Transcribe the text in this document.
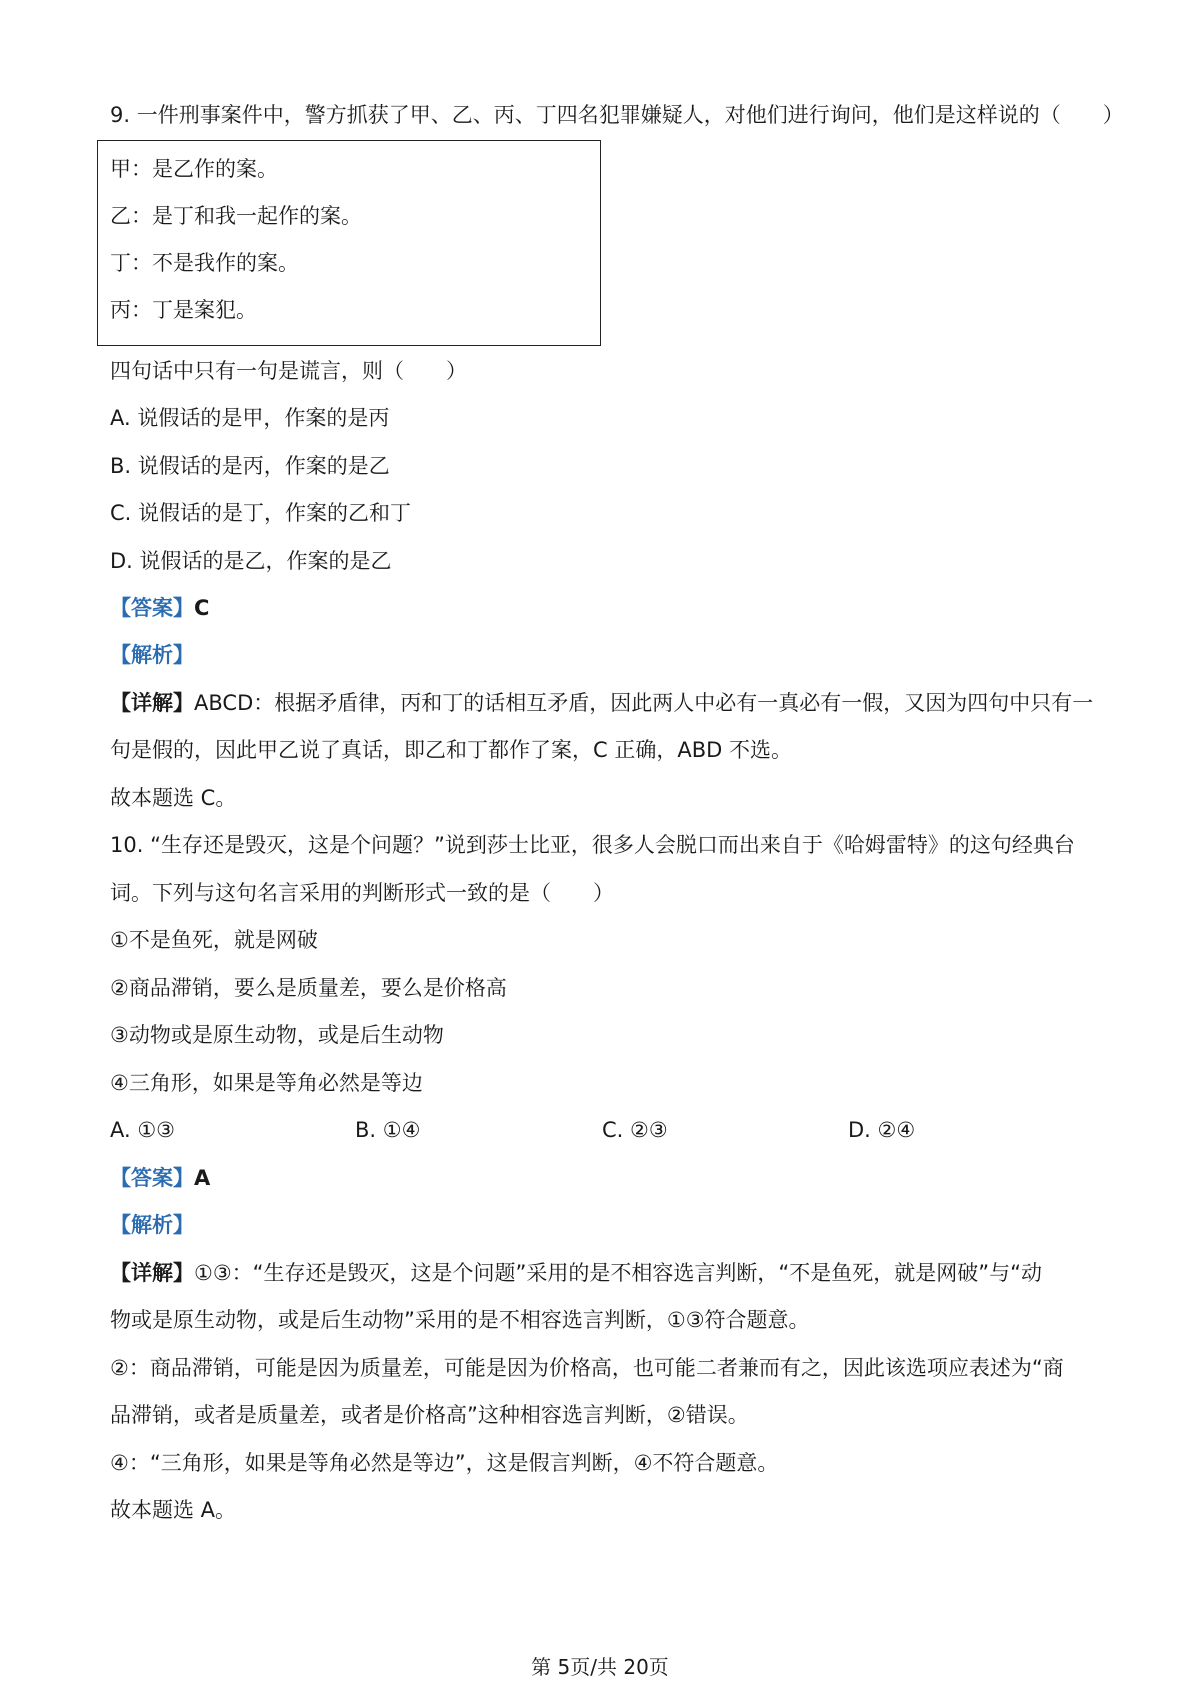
9. 一件刑事案件中，警方抓获了甲、乙、丙、丁四名犯罪嫌疑人，对他们进行询问，他们是这样说的（　　）
甲：是乙作的案。
乙：是丁和我一起作的案。
丁：不是我作的案。
丙：丁是案犯。
四句话中只有一句是谎言，则（　　）
A. 说假话的是甲，作案的是丙
B. 说假话的是丙，作案的是乙
C. 说假话的是丁，作案的乙和丁
D. 说假话的是乙，作案的是乙
【答案】C
【解析】
【详解】ABCD：根据矛盾律，丙和丁的话相互矛盾，因此两人中必有一真必有一假，又因为四句中只有一
句是假的，因此甲乙说了真话，即乙和丁都作了案，C 正确，ABD 不选。
故本题选 C。
10. “生存还是毁灭，这是个问题？”说到莎士比亚，很多人会脱口而出来自于《哈姆雷特》的这句经典台
词。下列与这句名言采用的判断形式一致的是（　　）
①不是鱼死，就是网破
②商品滞销，要么是质量差，要么是价格高
③动物或是原生动物，或是后生动物
④三角形，如果是等角必然是等边
A. ①③	B. ①④	C. ②③	D. ②④
【答案】A
【解析】
【详解】①③：“生存还是毁灭，这是个问题”采用的是不相容选言判断，“不是鱼死，就是网破”与“动
物或是原生动物，或是后生动物”采用的是不相容选言判断，①③符合题意。
②：商品滞销，可能是因为质量差，可能是因为价格高，也可能二者兼而有之，因此该选项应表述为“商
品滞销，或者是质量差，或者是价格高”这种相容选言判断，②错误。
④：“三角形，如果是等角必然是等边”，这是假言判断，④不符合题意。
故本题选 A。
第 5页/共 20页
